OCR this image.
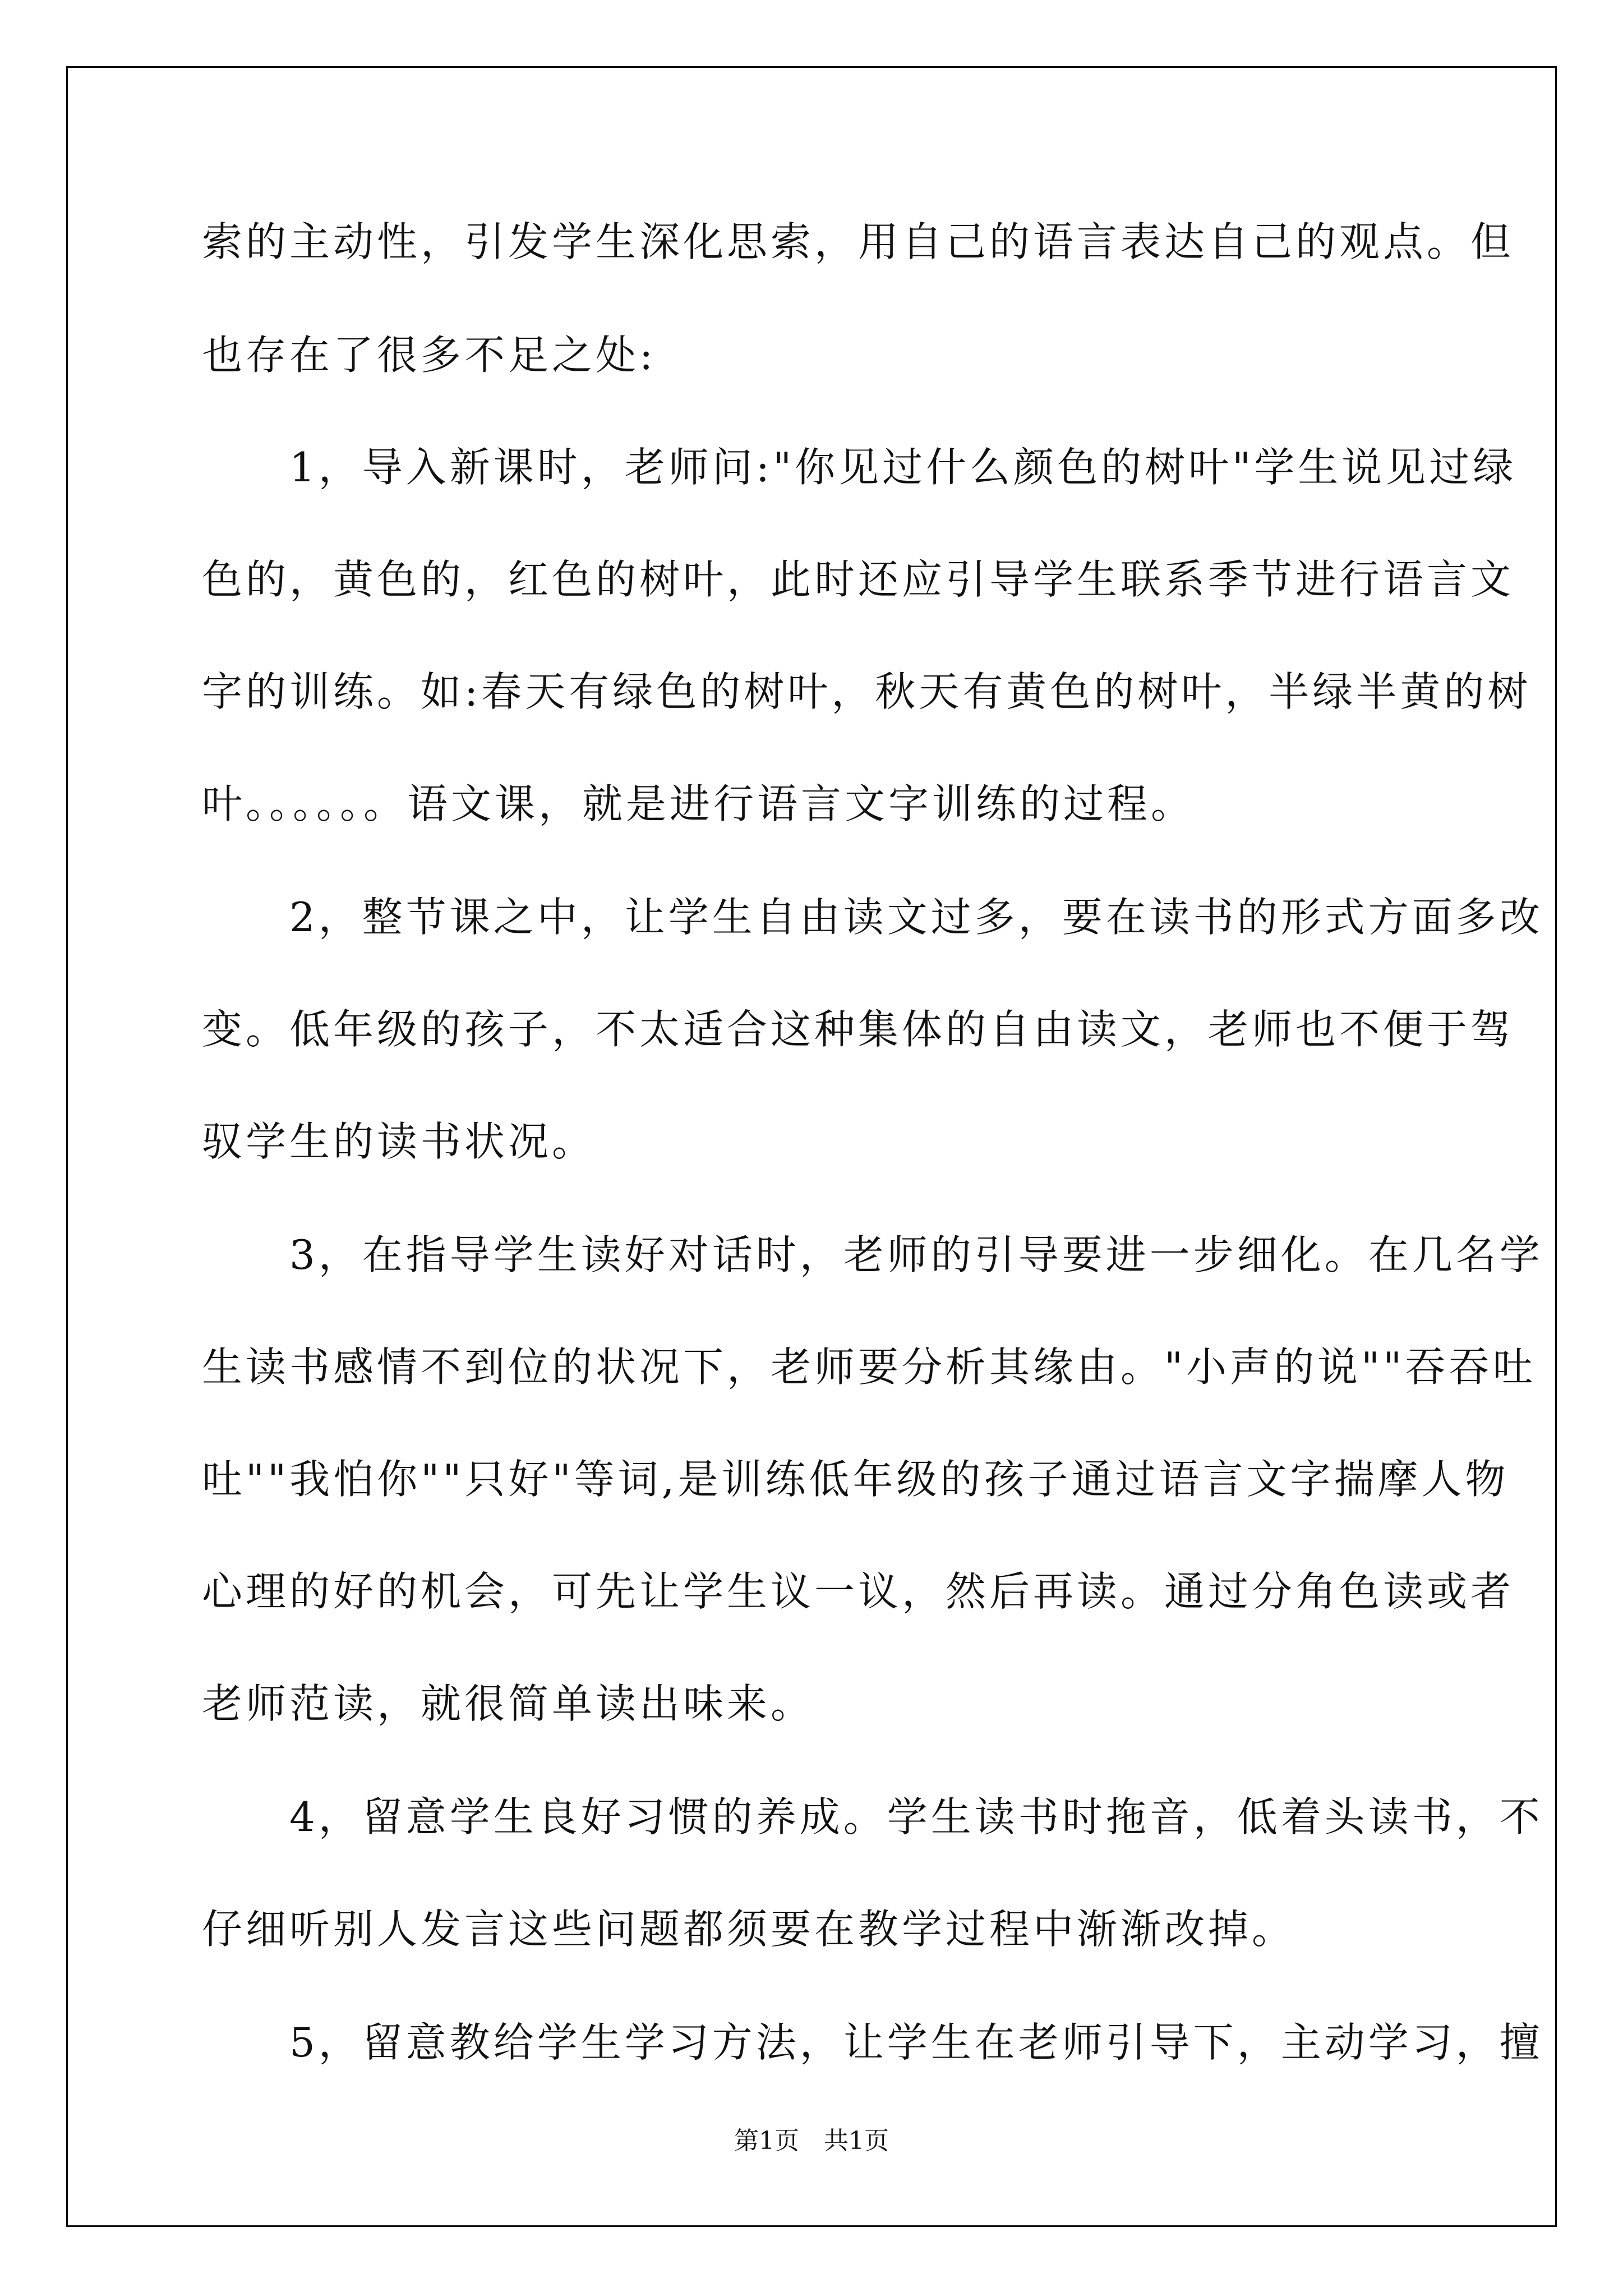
索的主动性，引发学生深化思索，用自己的语言表达自己的观点。但
也存在了很多不足之处:
　　1，导入新课时，老师问:"你见过什么颜色的树叶"学生说见过绿
色的，黄色的，红色的树叶，此时还应引导学生联系季节进行语言文
字的训练。如:春天有绿色的树叶，秋天有黄色的树叶，半绿半黄的树
叶。。。。。。语文课，就是进行语言文字训练的过程。
　　2，整节课之中，让学生自由读文过多，要在读书的形式方面多改
变。低年级的孩子，不太适合这种集体的自由读文，老师也不便于驾
驭学生的读书状况。
　　3，在指导学生读好对话时，老师的引导要进一步细化。在几名学
生读书感情不到位的状况下，老师要分析其缘由。"小声的说""吞吞吐
吐""我怕你""只好"等词,是训练低年级的孩子通过语言文字揣摩人物
心理的好的机会，可先让学生议一议，然后再读。通过分角色读或者
老师范读，就很简单读出味来。
　　4，留意学生良好习惯的养成。学生读书时拖音，低着头读书，不
仔细听别人发言这些问题都须要在教学过程中渐渐改掉。
　　5，留意教给学生学习方法，让学生在老师引导下，主动学习，擅
第1页　共1页
